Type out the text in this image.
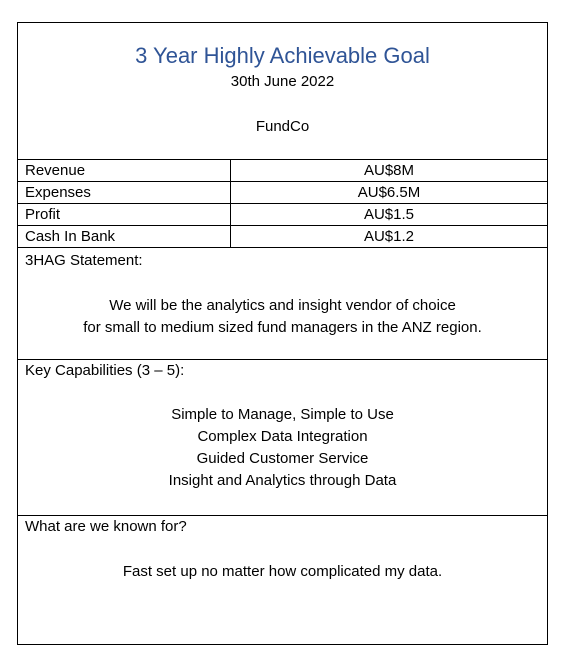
3 Year Highly Achievable Goal
30th June 2022
FundCo
Revenue	AU$8M
Expenses	AU$6.5M
Profit	AU$1.5
Cash In Bank	AU$1.2
3HAG Statement:
We will be the analytics and insight vendor of choice
for small to medium sized fund managers in the ANZ region.
Key Capabilities (3 – 5):
Simple to Manage, Simple to Use
Complex Data Integration
Guided Customer Service
Insight and Analytics through Data
What are we known for?
Fast set up no matter how complicated my data.
